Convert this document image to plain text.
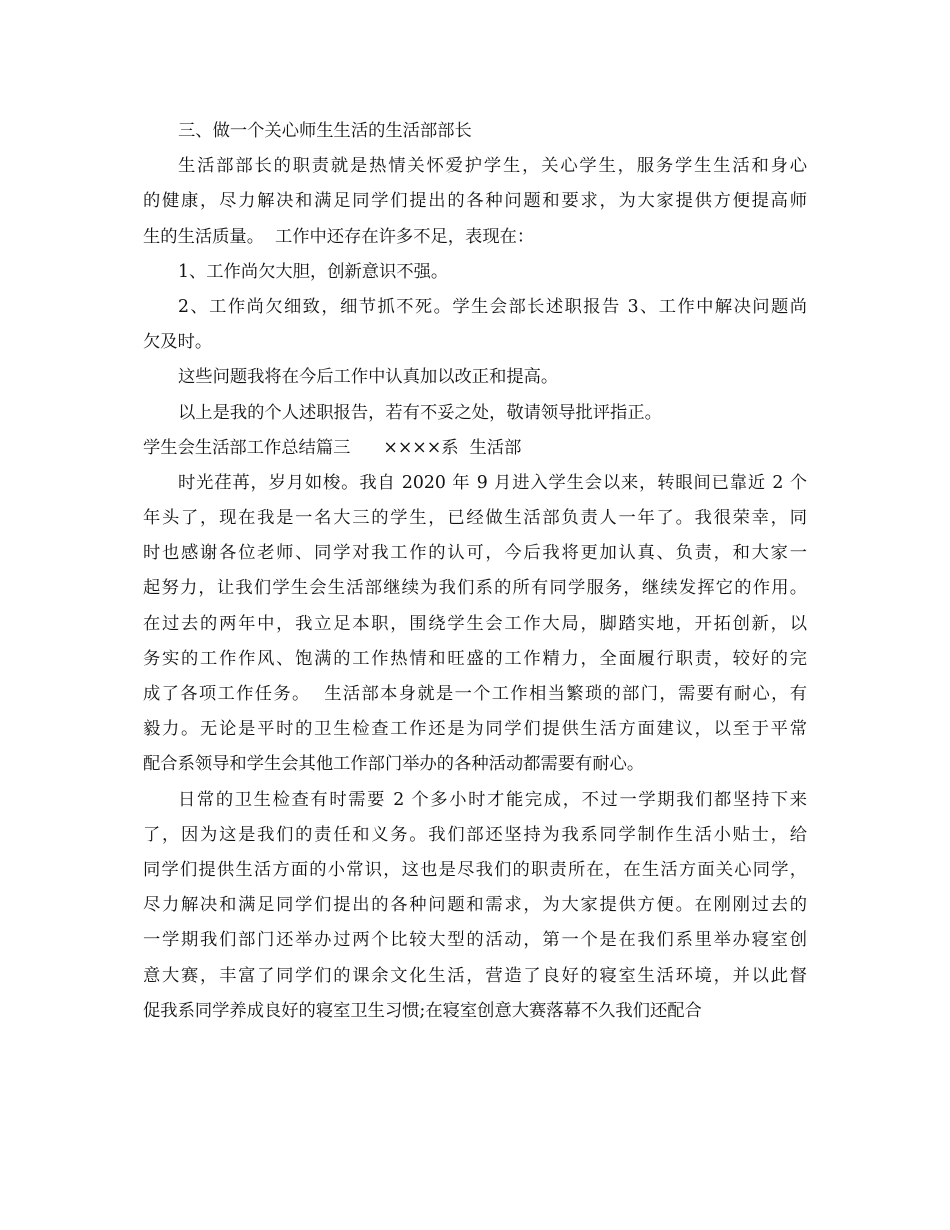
三、做一个关心师生生活的生活部部长

生活部部长的职责就是热情关怀爱护学生，关心学生，服务学生生活和身心

的健康，尽力解决和满足同学们提出的各种问题和要求，为大家提供方便提高师

生的生活质量。  工作中还存在许多不足，表现在：

1、工作尚欠大胆，创新意识不强。

2、工作尚欠细致，细节抓不死。学生会部长述职报告 3、工作中解决问题尚

欠及时。

这些问题我将在今后工作中认真加以改正和提高。

以上是我的个人述职报告，若有不妥之处，敬请领导批评指正。

学生会生活部工作总结篇三      ××××系  生活部

时光荏苒，岁月如梭。我自 2020 年 9 月进入学生会以来，转眼间已靠近 2 个

年头了，现在我是一名大三的学生，已经做生活部负责人一年了。我很荣幸，同

时也感谢各位老师、同学对我工作的认可，今后我将更加认真、负责，和大家一

起努力，让我们学生会生活部继续为我们系的所有同学服务，继续发挥它的作用。

在过去的两年中，我立足本职，围绕学生会工作大局，脚踏实地，开拓创新，以

务实的工作作风、饱满的工作热情和旺盛的工作精力，全面履行职责，较好的完

成了各项工作任务。  生活部本身就是一个工作相当繁琐的部门，需要有耐心，有

毅力。无论是平时的卫生检查工作还是为同学们提供生活方面建议，以至于平常

配合系领导和学生会其他工作部门举办的各种活动都需要有耐心。

日常的卫生检查有时需要 2 个多小时才能完成，不过一学期我们都坚持下来

了，因为这是我们的责任和义务。我们部还坚持为我系同学制作生活小贴士，给

同学们提供生活方面的小常识，这也是尽我们的职责所在，在生活方面关心同学，

尽力解决和满足同学们提出的各种问题和需求，为大家提供方便。在刚刚过去的

一学期我们部门还举办过两个比较大型的活动，第一个是在我们系里举办寝室创

意大赛，丰富了同学们的课余文化生活，营造了良好的寝室生活环境，并以此督

促我系同学养成良好的寝室卫生习惯;在寝室创意大赛落幕不久我们还配合
